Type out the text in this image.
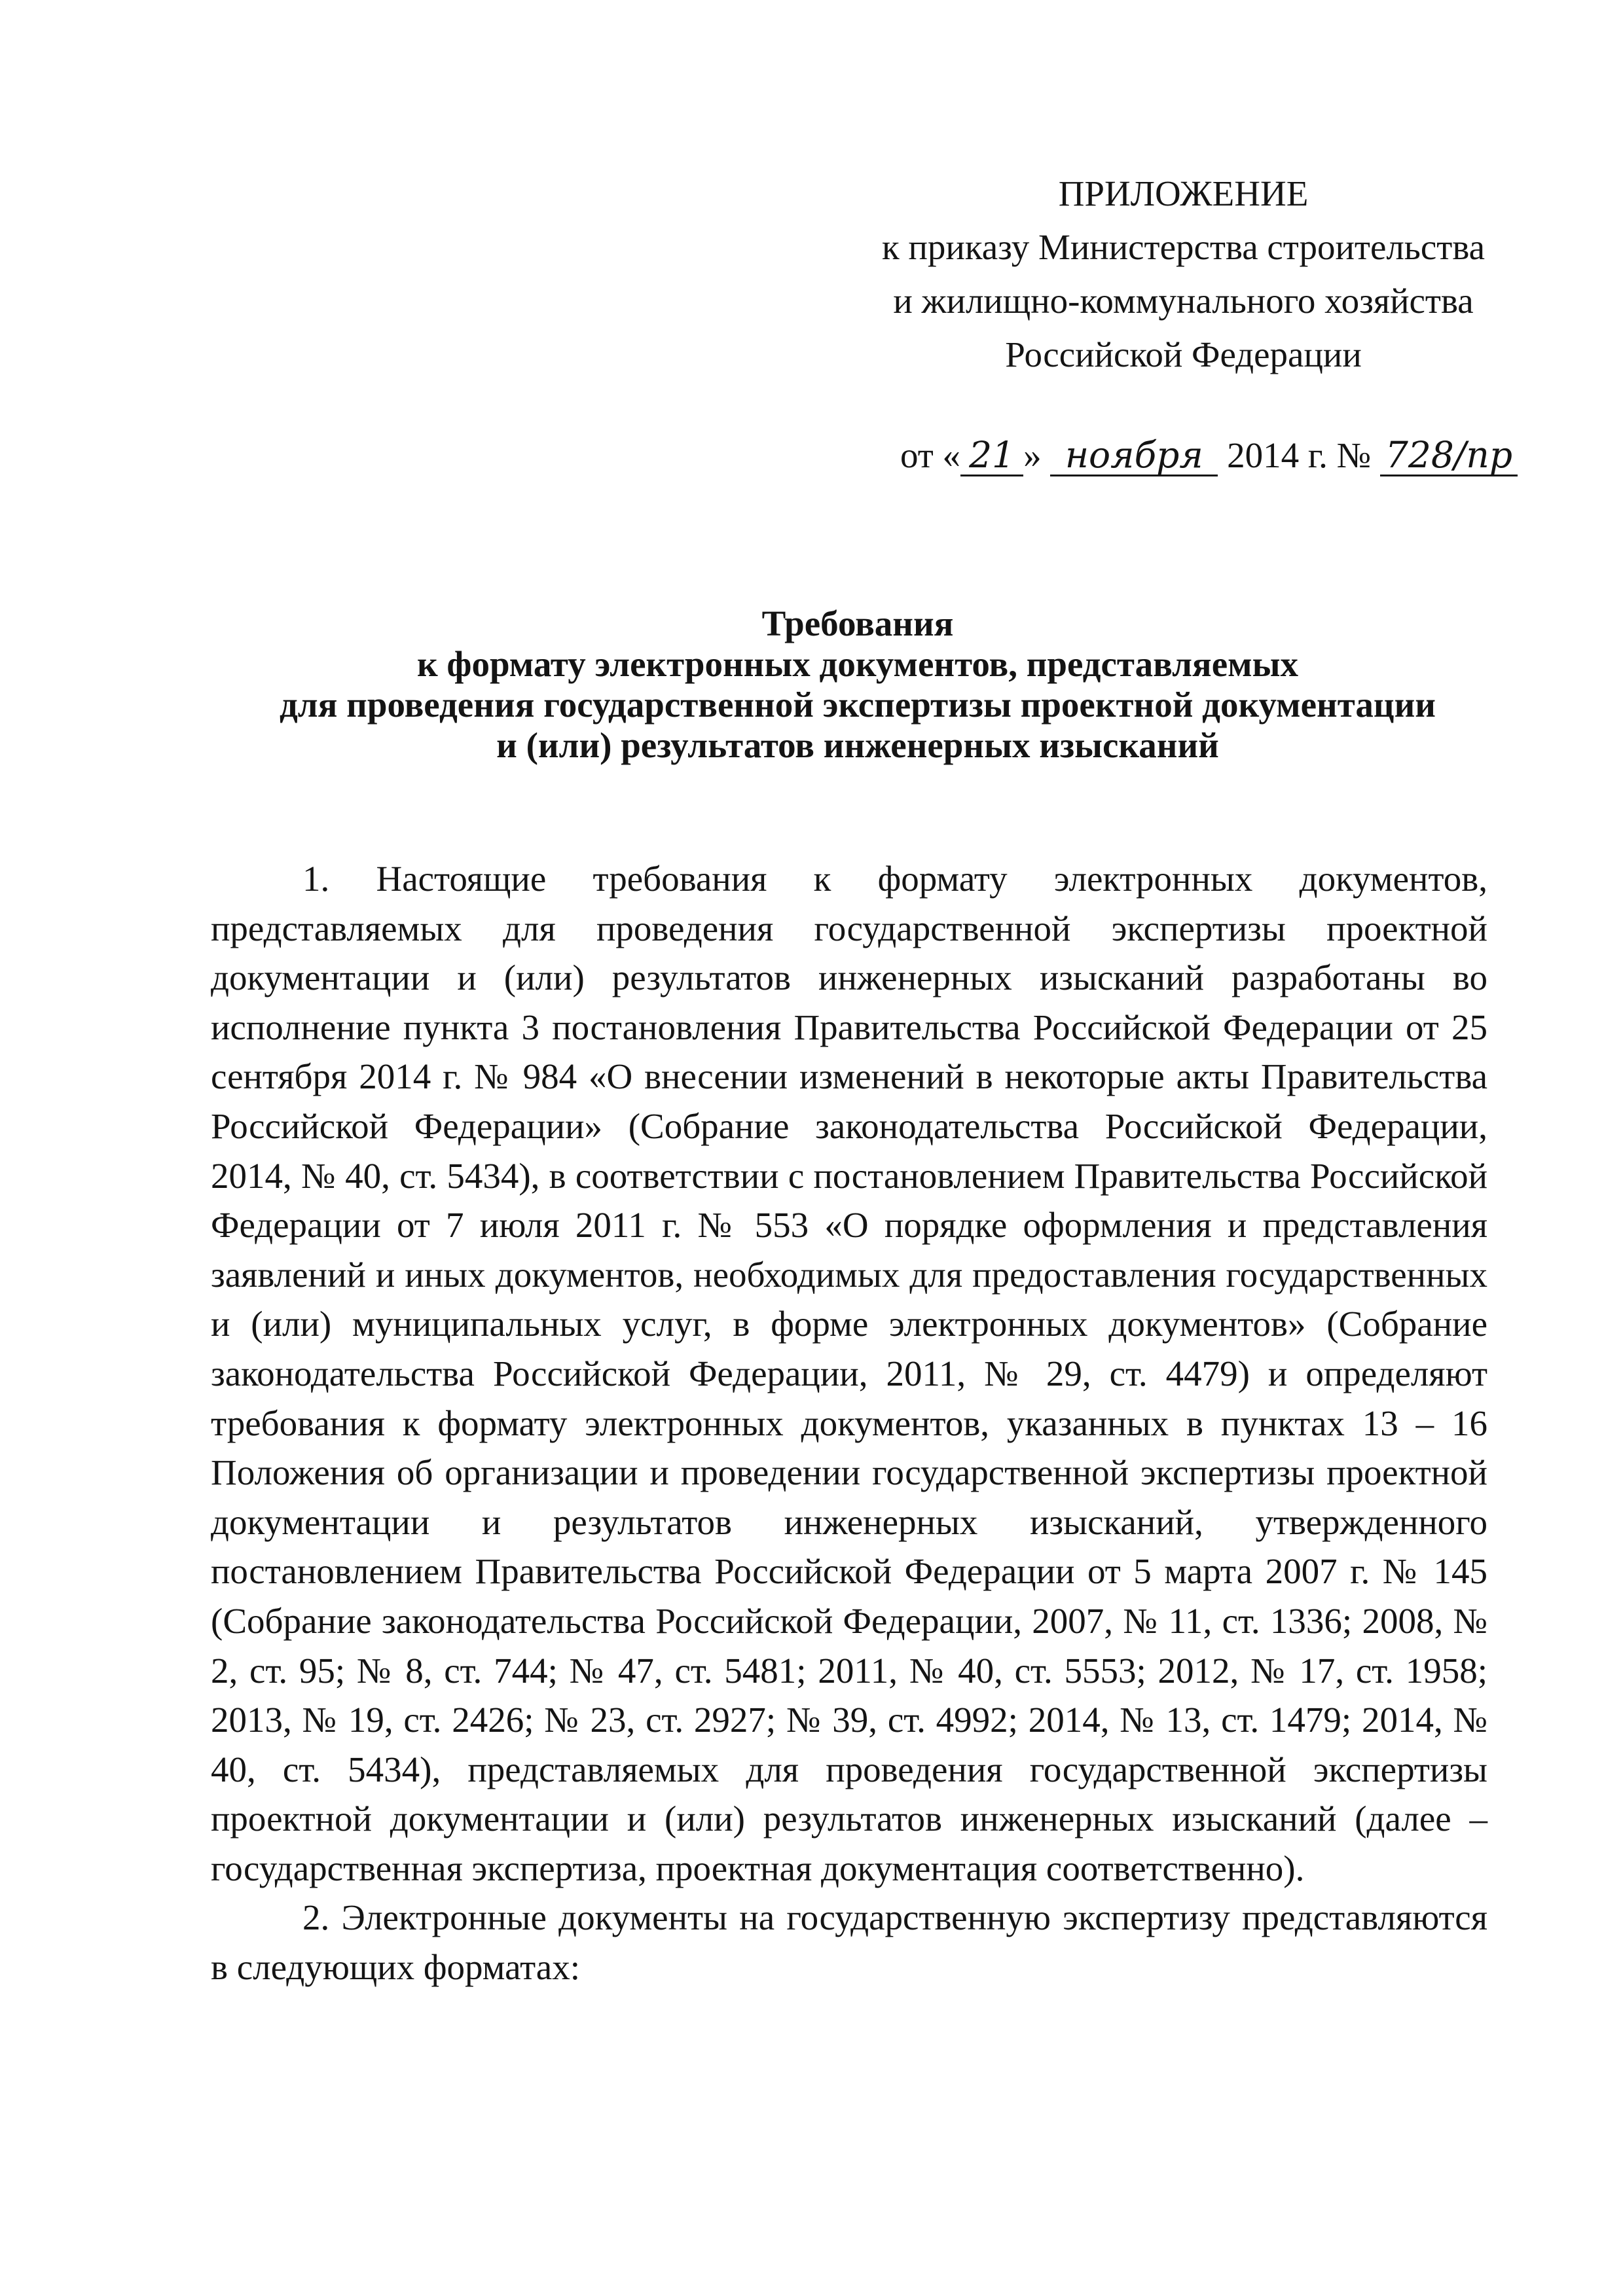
ПРИЛОЖЕНИЕ
к приказу Министерства строительства
и жилищно-коммунального хозяйства
Российской Федерации
от « 21 » ноября 2014 г. № 728/пр
Требования
к формату электронных документов, представляемых
для проведения государственной экспертизы проектной документации
и (или) результатов инженерных изысканий

1. Настоящие требования к формату электронных документов, представляемых для проведения государственной экспертизы проектной документации и (или) результатов инженерных изысканий разработаны во исполнение пункта 3 постановления Правительства Российской Федерации от 25 сентября 2014 г. № 984 «О внесении изменений в некоторые акты Правительства Российской Федерации» (Собрание законодательства Российской Федерации, 2014, № 40, ст. 5434), в соответствии с постановлением Правительства Российской Федерации от 7 июля 2011 г. № 553 «О порядке оформления и представления заявлений и иных документов, необходимых для предоставления государственных и (или) муниципальных услуг, в форме электронных документов» (Собрание законодательства Российской Федерации, 2011, № 29, ст. 4479) и определяют требования к формату электронных документов, указанных в пунктах 13 – 16 Положения об организации и проведении государственной экспертизы проектной документации и результатов инженерных изысканий, утвержденного постановлением Правительства Российской Федерации от 5 марта 2007 г. № 145 (Собрание законодательства Российской Федерации, 2007, № 11, ст. 1336; 2008, № 2, ст. 95; № 8, ст. 744; № 47, ст. 5481; 2011, № 40, ст. 5553; 2012, № 17, ст. 1958; 2013, № 19, ст. 2426; № 23, ст. 2927; № 39, ст. 4992; 2014, № 13, ст. 1479; 2014, № 40, ст. 5434), представляемых для проведения государственной экспертизы проектной документации и (или) результатов инженерных изысканий (далее – государственная экспертиза, проектная документация соответственно).

2. Электронные документы на государственную экспертизу представляются в следующих форматах:
